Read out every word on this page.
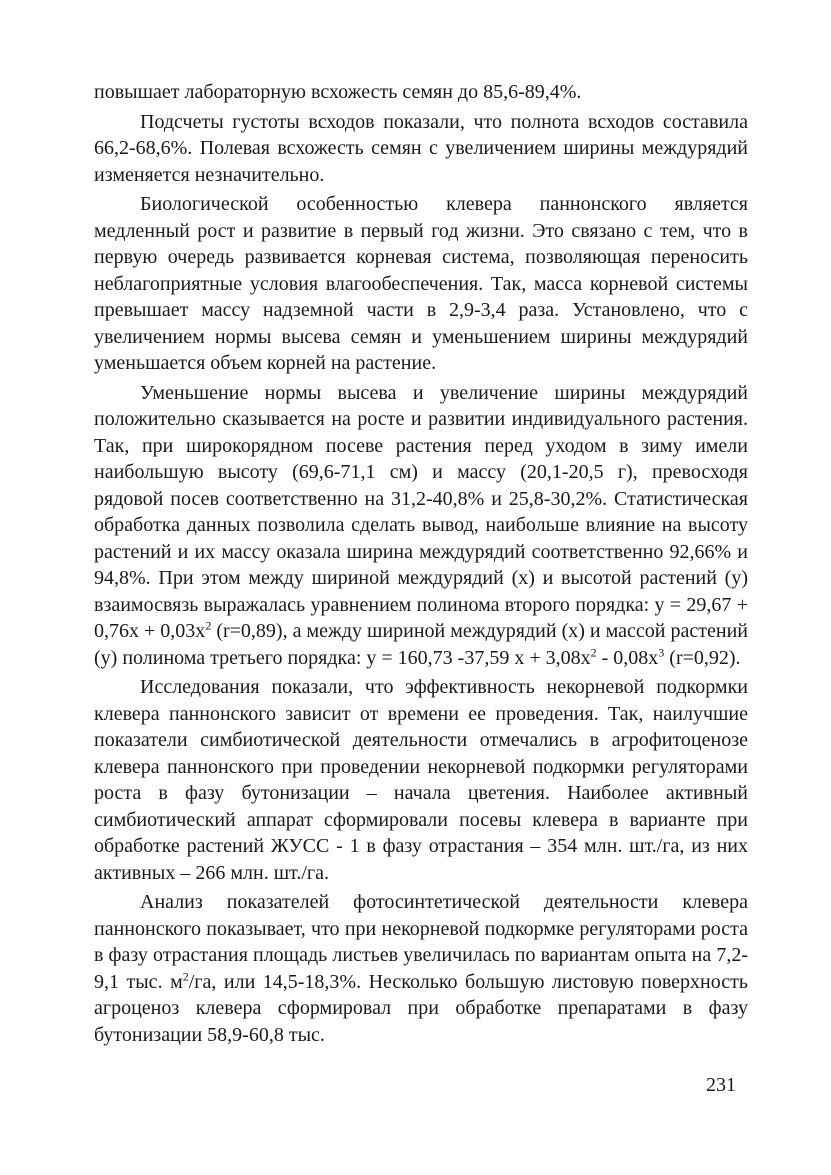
повышает лабораторную всхожесть семян до 85,6-89,4%.

Подсчеты густоты всходов показали, что полнота всходов составила 66,2-68,6%. Полевая всхожесть семян с увеличением ширины междурядий изменяется незначительно.

Биологической особенностью клевера паннонского является медленный рост и развитие в первый год жизни. Это связано с тем, что в первую очередь развивается корневая система, позволяющая переносить неблагоприятные условия влагообеспечения. Так, масса корневой системы превышает массу надземной части в 2,9-3,4 раза. Установлено, что с увеличением нормы высева семян и уменьшением ширины междурядий уменьшается объем корней на растение.

Уменьшение нормы высева и увеличение ширины междурядий положительно сказывается на росте и развитии индивидуального растения. Так, при широкорядном посеве растения перед уходом в зиму имели наибольшую высоту (69,6-71,1 см) и массу (20,1-20,5 г), превосходя рядовой посев соответственно на 31,2-40,8% и 25,8-30,2%. Статистическая обработка данных позволила сделать вывод, наибольше влияние на высоту растений и их массу оказала ширина междурядий соответственно 92,66% и 94,8%. При этом между шириной междурядий (x) и высотой растений (y) взаимосвязь выражалась уравнением полинома второго порядка: $y = 29,67 + 0,76x + 0,03x^2$ (r=0,89), а между шириной междурядий (x) и массой растений (y) полинома третьего порядка: y = 160,73 -37,59 $x + 3,08x^2 - 0,08x^3$ (r=0,92).

Исследования показали, что эффективность некорневой подкормки клевера паннонского зависит от времени ее проведения. Так, наилучшие показатели симбиотической деятельности отмечались в агрофитоценозе клевера паннонского при проведении некорневой подкормки регуляторами роста в фазу бутонизации – начала цветения. Наиболее активный симбиотический аппарат сформировали посевы клевера в варианте при обработке растений ЖУСС - 1 в фазу отрастания – 354 млн. шт./га, из них активных – 266 млн. шт./га.

Анализ показателей фотосинтетической деятельности клевера паннонского показывает, что при некорневой подкормке регуляторами роста в фазу отрастания площадь листьев увеличилась по вариантам опыта на 7,2-9,1 тыс. $м^2/га$, или 14,5-18,3%. Несколько большую листовую поверхность агроценоз клевера сформировал при обработке препаратами в фазу бутонизации 58,9-60,8 тыс.

231
